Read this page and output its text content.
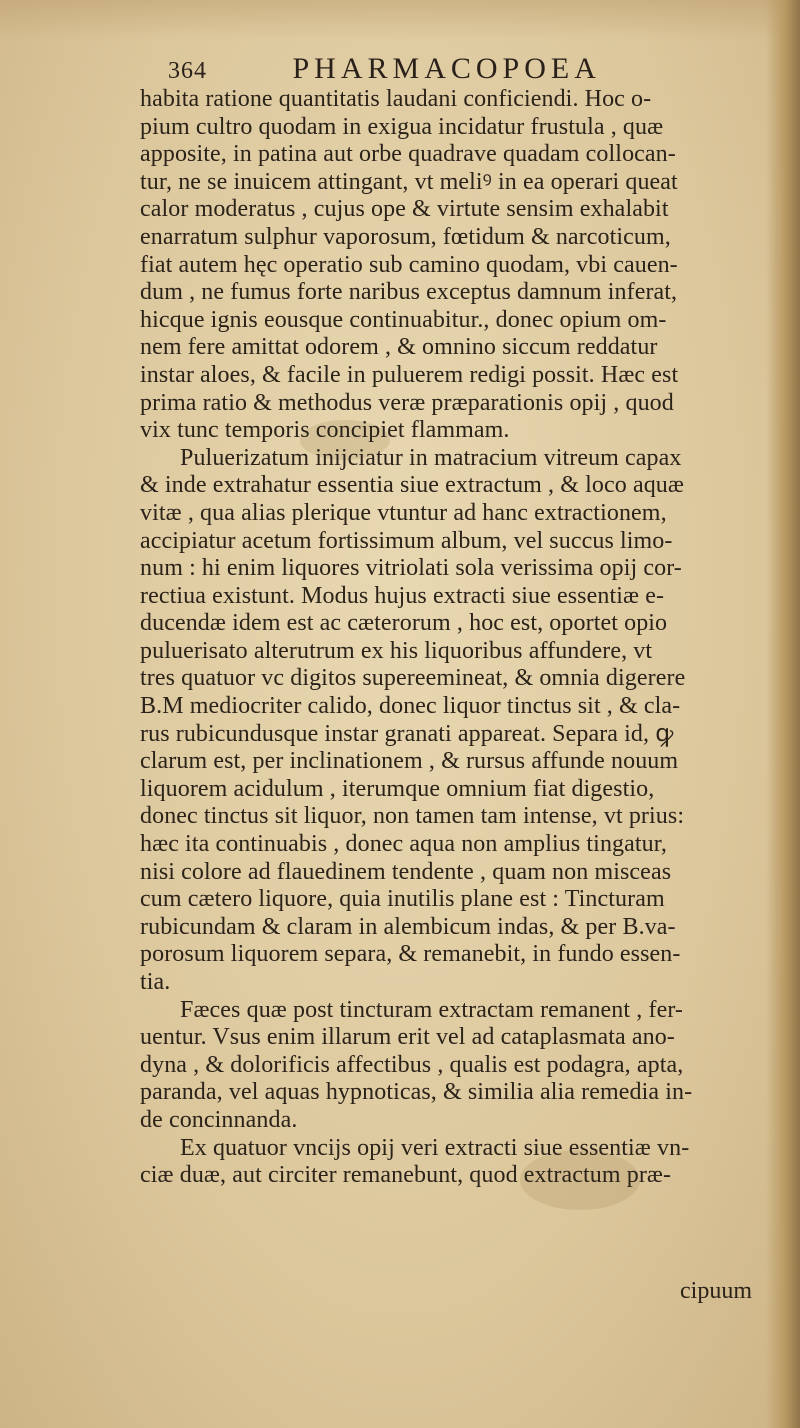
364	PHARMACOPOEA
habita ratione quantitatis laudani conficiendi. Hoc o-
pium cultro quodam in exigua incidatur frustula , quæ
apposite, in patina aut orbe quadrave quadam collocan-
tur, ne se inuicem attingant, vt meliꝰ in ea operari queat
calor moderatus , cujus ope & virtute sensim exhalabit
enarratum sulphur vaporosum, fœtidum & narcoticum,
fiat autem hęc operatio sub camino quodam, vbi cauen-
dum , ne fumus forte naribus exceptus damnum inferat,
hicque ignis eousque continuabitur., donec opium om-
nem fere amittat odorem , & omnino siccum reddatur
instar aloes, & facile in puluerem redigi possit. Hæc est
prima ratio & methodus veræ præparationis opij , quod
vix tunc temporis concipiet flammam.
Puluerizatum inijciatur in matracium vitreum capax
& inde extrahatur essentia siue extractum , & loco aquæ
vitæ , qua alias plerique vtuntur ad hanc extractionem,
accipiatur acetum fortissimum album, vel succus limo-
num : hi enim liquores vitriolati sola verissima opij cor-
rectiua existunt. Modus hujus extracti siue essentiæ e-
ducendæ idem est ac cæterorum , hoc est, oportet opio
puluerisato alterutrum ex his liquoribus affundere, vt
tres quatuor vc digitos supereemineat, & omnia digerere
B.M mediocriter calido, donec liquor tinctus sit , & cla-
rus rubicundusque instar granati appareat. Separa id, ꝙ
clarum est, per inclinationem , & rursus affunde nouum
liquorem acidulum , iterumque omnium fiat digestio,
donec tinctus sit liquor, non tamen tam intense, vt prius:
hæc ita continuabis , donec aqua non amplius tingatur,
nisi colore ad flauedinem tendente , quam non misceas
cum cætero liquore, quia inutilis plane est : Tincturam
rubicundam & claram in alembicum indas, & per B.va-
porosum liquorem separa, & remanebit, in fundo essen-
tia.
Fæces quæ post tincturam extractam remanent , fer-
uentur. Vsus enim illarum erit vel ad cataplasmata ano-
dyna , & dolorificis affectibus , qualis est podagra, apta,
paranda, vel aquas hypnoticas, & similia alia remedia in-
de concinnanda.
Ex quatuor vncijs opij veri extracti siue essentiæ vn-
ciæ duæ, aut circiter remanebunt, quod extractum præ-
cipuum
